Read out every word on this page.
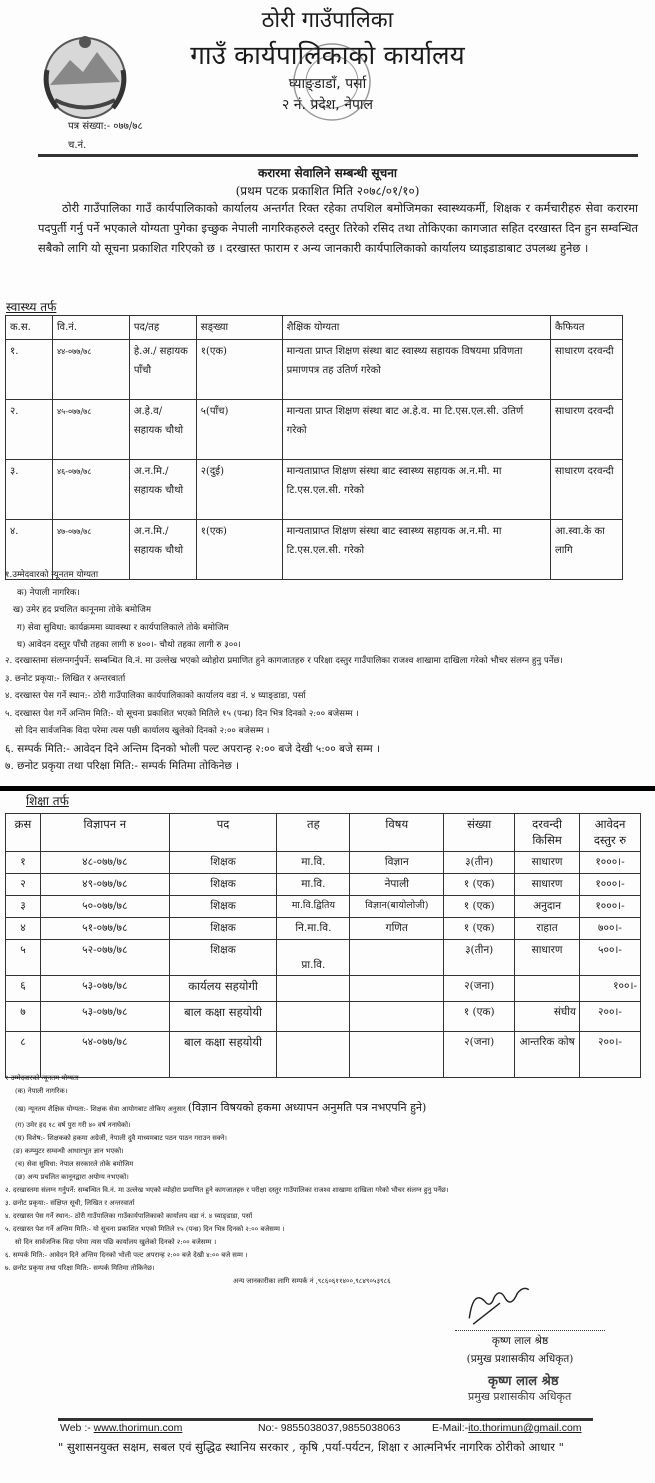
ठोरी गाउँपालिका
गाउँ कार्यपालिकाको कार्यालय
घ्याङ्डाडाँ, पर्सा
२ नं. प्रदेश, नेपाल
पत्र संख्या:- ०७७/७८
च.नं.
करारमा सेवालिने सम्बन्धी सूचना
(प्रथम पटक प्रकाशित मिति २०७८/०१/१०)
ठोरी गाउँपालिका गाउँ कार्यपालिकाको कार्यालय अन्तर्गत रिक्त रहेका तपशिल बमोजिमका स्वास्थ्यकर्मी, शिक्षक र कर्मचारीहरु सेवा करारमा पदपुर्ती गर्नु पर्ने भएकाले योग्यता पुगेका इच्छुक नेपाली नागरिकहरुले दस्तुर तिरेको रसिद तथा तोकिएका कागजात सहित दरखास्त दिन हुन सम्वन्धित सबैको लागि यो सूचना प्रकाशित गरिएको छ । दरखास्त फाराम र अन्य जानकारी कार्यपालिकाको कार्यालय घ्याइडाडाबाट उपलब्ध हुनेछ ।
स्वास्थ्य तर्फ
क.स.	वि.नं.	पद/तह	सङ्ख्या	शैक्षिक योग्यता	कैफियत
१.	४४-०७७/७८	हे.अ./ सहायक पाँचौ	१(एक)	मान्यता प्राप्त शिक्षण संस्था बाट स्वास्थ्य सहायक विषयमा प्रविणता प्रमाणपत्र तह उतिर्ण गरेको	साधारण दरवन्दी
२.	४५-०७७/७८	अ.हे.व/ सहायक चौथो	५(पाँच)	मान्यता प्राप्त शिक्षण संस्था बाट अ.हे.व. मा टि.एस.एल.सी. उतिर्ण गरेको	साधारण दरवन्दी
३.	४६-०७७/७८	अ.न.मि./ सहायक चौथो	२(दुई)	मान्यताप्राप्त शिक्षण संस्था बाट स्वास्थ्य सहायक अ.न.मी. मा टि.एस.एल.सी. गरेको	साधारण दरवन्दी
४.	४७-०७७/७८	अ.न.मि./ सहायक चौथो	१(एक)	मान्यताप्राप्त शिक्षण संस्था बाट स्वास्थ्य सहायक अ.न.मी. मा टि.एस.एल.सी. गरेको	आ.स्वा.के का लागि
१.उम्मेदवारको न्यूनतम योग्यता
क) नेपाली नागरिक।
ख) उमेर हद प्रचलित कानूनमा तोके बमोजिम
ग) सेवा सुविधा: कार्यक्रममा व्यावस्था र कार्यपालिकाले तोके बमोजिम
घ) आवेदन दस्तुर पाँचौ तहका लागी रु ४००।- चौथो तहका लागी रु ३००।
२. दरखास्तमा संलग्नगर्नुपर्ने: सम्बन्धित वि.नं. मा उल्लेख भएको व्योहोरा प्रमाणित हुने कागजातहरु र परिक्षा दस्तुर गाउँपालिका राजश्व शाखामा दाखिला गरेको भौचर संलग्न हुनु पर्नेछ।
३. छनोट प्रकृया:- लिखित र अन्तरवार्ता
४. दरखास्त पेस गर्ने स्थान:- ठोरी गाउँपालिका कार्यपालिकाको कार्यालय वडा नं. ४ घ्याङ्डाडा, पर्सा
५. दरखास्त पेश गर्ने अन्तिम मिति:- यो सूचना प्रकाशित भएको मितिले १५ (पन्ध्र) दिन भित्र दिनको २:०० बजेसम्म ।
सो दिन सार्वजनिक विदा परेमा त्यस पछी कार्यालय खुलेको दिनको २:०० बजेसम्म ।
६. सम्पर्क मिति:- आवेदन दिने अन्तिम दिनको भोली पल्ट अपरान्ह २:०० बजे देखी ५:०० बजे सम्म ।
७. छनोट प्रकृया तथा परिक्षा मिति:- सम्पर्क मितिमा तोकिनेछ ।
शिक्षा तर्फ
क्रस	विज्ञापन न	पद	तह	विषय	संख्या	दरवन्दी किसिम	आवेदन दस्तुर रु
१	४८-०७७/७८	शिक्षक	मा.वि.	विज्ञान	३(तीन)	साधारण	१०००।-
२	४९-०७७/७८	शिक्षक	मा.वि.	नेपाली	१ (एक)	साधारण	१०००।-
३	५०-०७७/७८	शिक्षक	मा.वि.द्वितिय	विज्ञान(बायोलोजी)	१ (एक)	अनुदान	१०००।-
४	५१-०७७/७८	शिक्षक	नि.मा.वि.	गणित	१ (एक)	राहात	७००।-
५	५२-०७७/७८	शिक्षक	प्रा.वि.		३(तीन)	साधारण	५००।-
६	५३-०७७/७८	कार्यलय सहयोगी			२(जना)		१००।-
७	५३-०७७/७८	बाल कक्षा सहयोयी			१ (एक)	संघीय	२००।-
८	५४-०७७/७८	बाल कक्षा सहयोयी			२(जना)	आन्तरिक कोष	२००।-
१ उम्मेदवारको न्यूनतम योग्यता
(क) नेपाली नागरिक।
(ख) न्यूनतम शैक्षिक योग्यता:- शिक्षक सेवा आयोगबाट तोकिए अनुसार (विज्ञान विषयको हकमा अध्यापन अनुमति पत्र नभएपनि हुने)
(ग) उमेर हद १८ वर्ष पुरा गरी ४० वर्ष ननाघेको।
(घ) विशेष:- शिक्षकको हकमा अग्रेजी, नेपाली दुवै माध्यमबाट पठन पाठन गराउन सक्ने।
(ङ) कम्प्युटर सम्वन्धी आधारभुत ज्ञान भएको।
(च) सेवा सुविधा: नेपाल सरकारले तोके बमोजिम
(छ) अन्य प्रचलित कानूनद्वारा अयोग्य नभएको।
२. दरखास्तमा संलग्न गर्नुपर्ने: सम्बन्धित वि.नं. मा उल्लेख भएको व्योहोरा प्रमाणित हुने कागजातहरु र परीक्षा दस्तुर गाउँपालिका राजश्व शाखामा दाखिला गरेको भौचर संलग्न हुनु पर्नेछ।
३. छनोट प्रकृया:- संक्षिप्त सूची, लिखित र अन्तरवार्ता
४. दरखास्त पेस गर्ने स्थान:- ठोरी गाउँपालिका गाउँकार्यपालिकाको कार्यालय वडा नं. ४ घ्याङ्डाडा, पर्सा
५. दरखास्त पेश गर्ने अन्तिम मिति:- यो सूचना प्रकाशित भएको मितिले १५ (पन्ध्र) दिन भित्र दिनको २:०० बजेसम्म ।
सो दिन सार्वजनिक विदा परेमा त्यस पछि कार्यालय खुलेको दिनको २:०० बजेसम्म ।
६. सम्पर्क मिति:- आवेदन दिने अन्तिम दिनको भोली पल्ट अपरान्ह २:०० बजे देखी ४:०० बजे सम्म ।
७. छनोट प्रकृया तथा परिक्षा मिति:- सम्पर्क मितिमा तोकिनेछ।
अन्य जानकारीका लागि सम्पर्क नं ,९८६०६११४००,९८४९०५३९८६
कृष्ण लाल श्रेष्ठ
(प्रमुख प्रशासकीय अधिकृत)
कृष्ण लाल श्रेष्ठ
प्रमुख प्रशासकीय अधिकृत
Web :- www.thorimun.com	No:- 9855038037,9855038063	E-Mail:-ito.thorimun@gmail.com
" सुशासनयुक्त सक्षम, सबल एवं सुद्धिढ स्थानिय सरकार , कृषि ,पर्या-पर्यटन, शिक्षा र आत्मनिर्भर नागरिक ठोरीको आधार "
